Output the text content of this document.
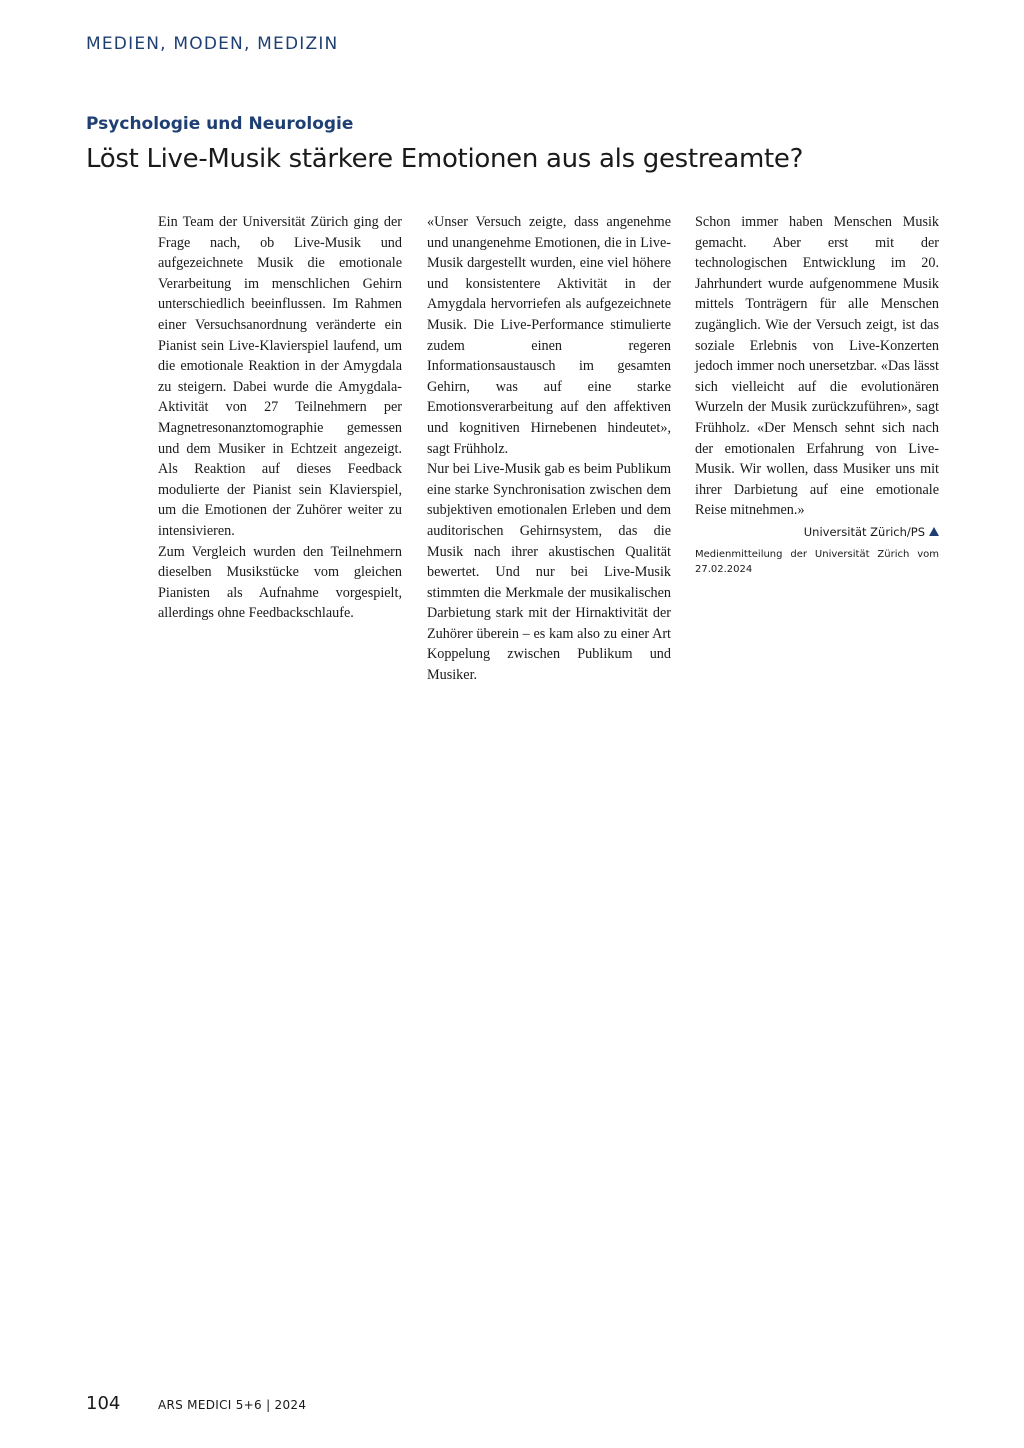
MEDIEN, MODEN, MEDIZIN
Psychologie und Neurologie
Löst Live-Musik stärkere Emotionen aus als gestreamte?

Ein Team der Universität Zürich ging der Frage nach, ob Live-Musik und aufgezeichnete Musik die emotionale Verarbeitung im menschlichen Gehirn unterschiedlich beeinflussen. Im Rahmen einer Versuchsanordnung veränderte ein Pianist sein Live-Klavierspiel laufend, um die emotionale Reaktion in der Amygdala zu steigern. Dabei wurde die Amygdala-Aktivität von 27 Teilnehmern per Magnetresonanztomographie gemessen und dem Musiker in Echtzeit angezeigt. Als Reaktion auf dieses Feedback modulierte der Pianist sein Klavierspiel, um die Emotionen der Zuhörer weiter zu intensivieren.

Zum Vergleich wurden den Teilnehmern dieselben Musikstücke vom gleichen Pianisten als Aufnahme vorgespielt, allerdings ohne Feedbackschlaufe.

«Unser Versuch zeigte, dass angenehme und unangenehme Emotionen, die in Live-Musik dargestellt wurden, eine viel höhere und konsistentere Aktivität in der Amygdala hervorriefen als aufgezeichnete Musik. Die Live-Performance stimulierte zudem einen regeren Informationsaustausch im gesamten Gehirn, was auf eine starke Emotionsverarbeitung auf den affektiven und kognitiven Hirnebenen hindeutet», sagt Frühholz.

Nur bei Live-Musik gab es beim Publikum eine starke Synchronisation zwischen dem subjektiven emotionalen Erleben und dem auditorischen Gehirnsystem, das die Musik nach ihrer akustischen Qualität bewertet. Und nur bei Live-Musik stimmten die Merkmale der musikalischen Darbietung stark mit der Hirnaktivität der Zuhörer überein – es kam also zu einer Art Koppelung zwischen Publikum und Musiker.

Schon immer haben Menschen Musik gemacht. Aber erst mit der technologischen Entwicklung im 20. Jahrhundert wurde aufgenommene Musik mittels Tonträgern für alle Menschen zugänglich. Wie der Versuch zeigt, ist das soziale Erlebnis von Live-Konzerten jedoch immer noch unersetzbar. «Das lässt sich vielleicht auf die evolutionären Wurzeln der Musik zurückzuführen», sagt Frühholz. «Der Mensch sehnt sich nach der emotionalen Erfahrung von Live-Musik. Wir wollen, dass Musiker uns mit ihrer Darbietung auf eine emotionale Reise mitnehmen.»

Universität Zürich/PS
Medienmitteilung der Universität Zürich vom 27.02.2024
104	ARS MEDICI 5+6 | 2024
